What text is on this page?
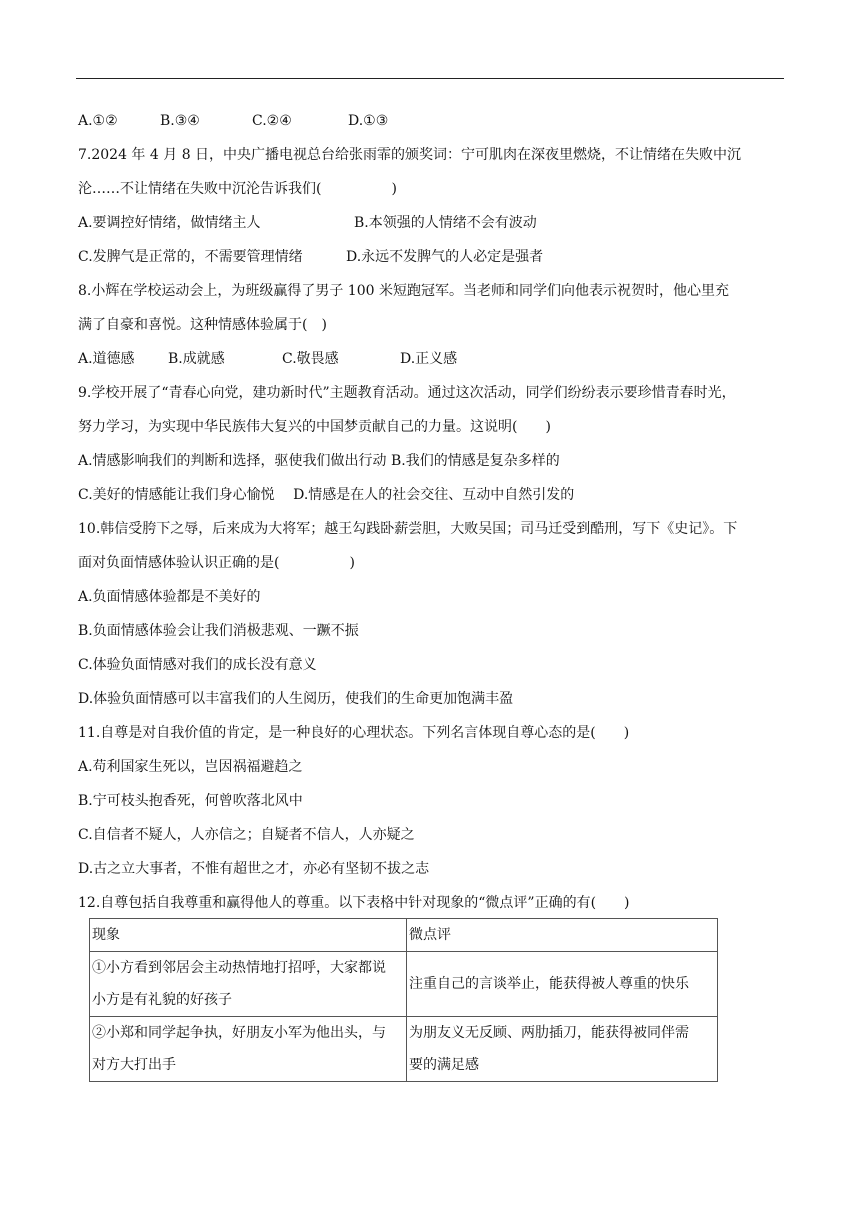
A.①②	B.③④	C.②④	D.①③
7.2024 年 4 月 8 日，中央广播电视总台给张雨霏的颁奖词：宁可肌肉在深夜里燃烧，不让情绪在失败中沉
沦……不让情绪在失败中沉沦告诉我们(　　　　　)
A.要调控好情绪，做情绪主人	B.本领强的人情绪不会有波动
C.发脾气是正常的，不需要管理情绪	D.永远不发脾气的人必定是强者
8.小辉在学校运动会上，为班级赢得了男子 100 米短跑冠军。当老师和同学们向他表示祝贺时，他心里充
满了自豪和喜悦。这种情感体验属于(　)
A.道德感 B.成就感	C.敬畏感	D.正义感
9.学校开展了“青春心向党，建功新时代”主题教育活动。通过这次活动，同学们纷纷表示要珍惜青春时光，
努力学习，为实现中华民族伟大复兴的中国梦贡献自己的力量。这说明(　　)
A.情感影响我们的判断和选择，驱使我们做出行动 B.我们的情感是复杂多样的
C.美好的情感能让我们身心愉悦　 D.情感是在人的社会交往、互动中自然引发的
10.韩信受胯下之辱，后来成为大将军；越王勾践卧薪尝胆，大败吴国；司马迁受到酷刑，写下《史记》。下
面对负面情感体验认识正确的是(　　　　　)
A.负面情感体验都是不美好的
B.负面情感体验会让我们消极悲观、一蹶不振
C.体验负面情感对我们的成长没有意义
D.体验负面情感可以丰富我们的人生阅历，使我们的生命更加饱满丰盈
11.自尊是对自我价值的肯定，是一种良好的心理状态。下列名言体现自尊心态的是(　　)
A.苟利国家生死以，岂因祸福避趋之
B.宁可枝头抱香死，何曾吹落北风中
C.自信者不疑人，人亦信之；自疑者不信人，人亦疑之
D.古之立大事者，不惟有超世之才，亦必有坚韧不拔之志
12.自尊包括自我尊重和赢得他人的尊重。以下表格中针对现象的“微点评”正确的有(　　)
现象	微点评

①小方看到邻居会主动热情地打招呼，大家都说
小方是有礼貌的好孩子	注重自己的言谈举止，能获得被人尊重的快乐

②小郑和同学起争执，好朋友小军为他出头，与
对方大打出手	为朋友义无反顾、两肋插刀，能获得被同伴需
要的满足感
